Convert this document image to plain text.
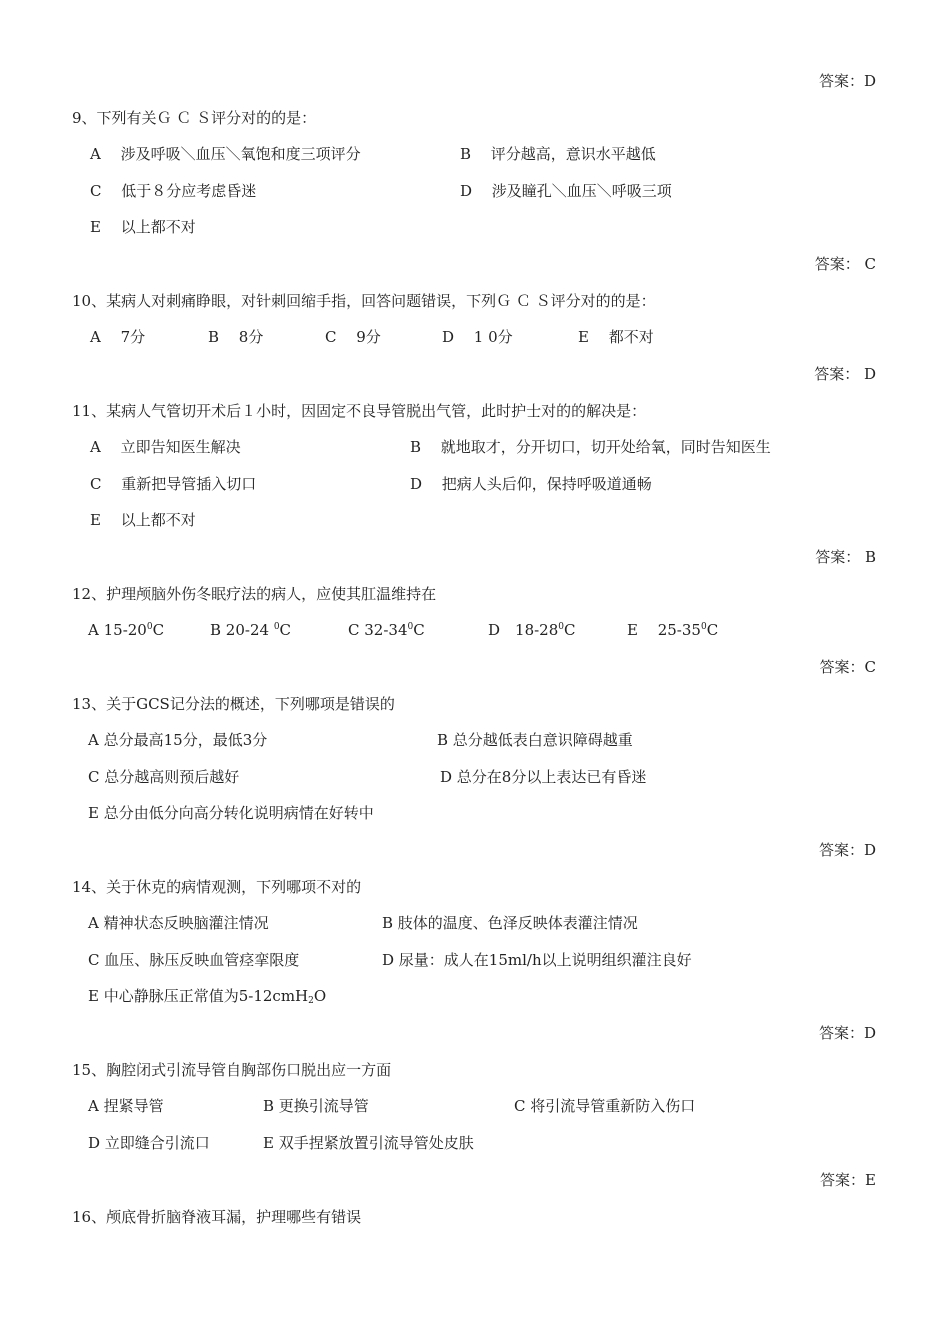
答案：D
9、下列有关Ｇ Ｃ Ｓ评分对的的是：
A　 涉及呼吸＼血压＼氧饱和度三项评分	B　 评分越高，意识水平越低
C　 低于８分应考虑昏迷	D　 涉及瞳孔＼血压＼呼吸三项
E　 以上都不对
答案： C
10、某病人对刺痛睁眼，对针刺回缩手指，回答问题错误，下列Ｇ Ｃ Ｓ评分对的的是：
A　 7分	B　 8分	C　 9分	D　 1 0分	E　 都不对
答案： D
11、某病人气管切开术后１小时，因固定不良导管脱出气管，此时护士对的的解决是：
A　 立即告知医生解决	B　 就地取才，分开切口，切开处给氧，同时告知医生
C　 重新把导管插入切口	D　 把病人头后仰，保持呼吸道通畅
E　 以上都不对
答案： B
12、护理颅脑外伤冬眠疗法的病人，应使其肛温维持在
A $15-20^0C$	B 20-24 $^0$C	C $32-34^0C$	D　$18-28^0C$	E　 $25-35^0C$
答案：C
13、关于GCS记分法的概述，下列哪项是错误的
A 总分最高15分，最低3分	B 总分越低表白意识障碍越重
C 总分越高则预后越好	D 总分在8分以上表达已有昏迷
E 总分由低分向高分转化说明病情在好转中
答案：D
14、关于休克的病情观测，下列哪项不对的
A 精神状态反映脑灌注情况	B 肢体的温度、色泽反映体表灌注情况
C 血压、脉压反映血管痉挛限度	D 尿量：成人在15ml/h以上说明组织灌注良好
E 中心静脉压正常值为5-12cmH$_2$O
答案：D
15、胸腔闭式引流导管自胸部伤口脱出应一方面
A 捏紧导管	B 更换引流导管	C 将引流导管重新防入伤口
D 立即缝合引流口	E 双手捏紧放置引流导管处皮肤
答案：E
16、颅底骨折脑脊液耳漏，护理哪些有错误
